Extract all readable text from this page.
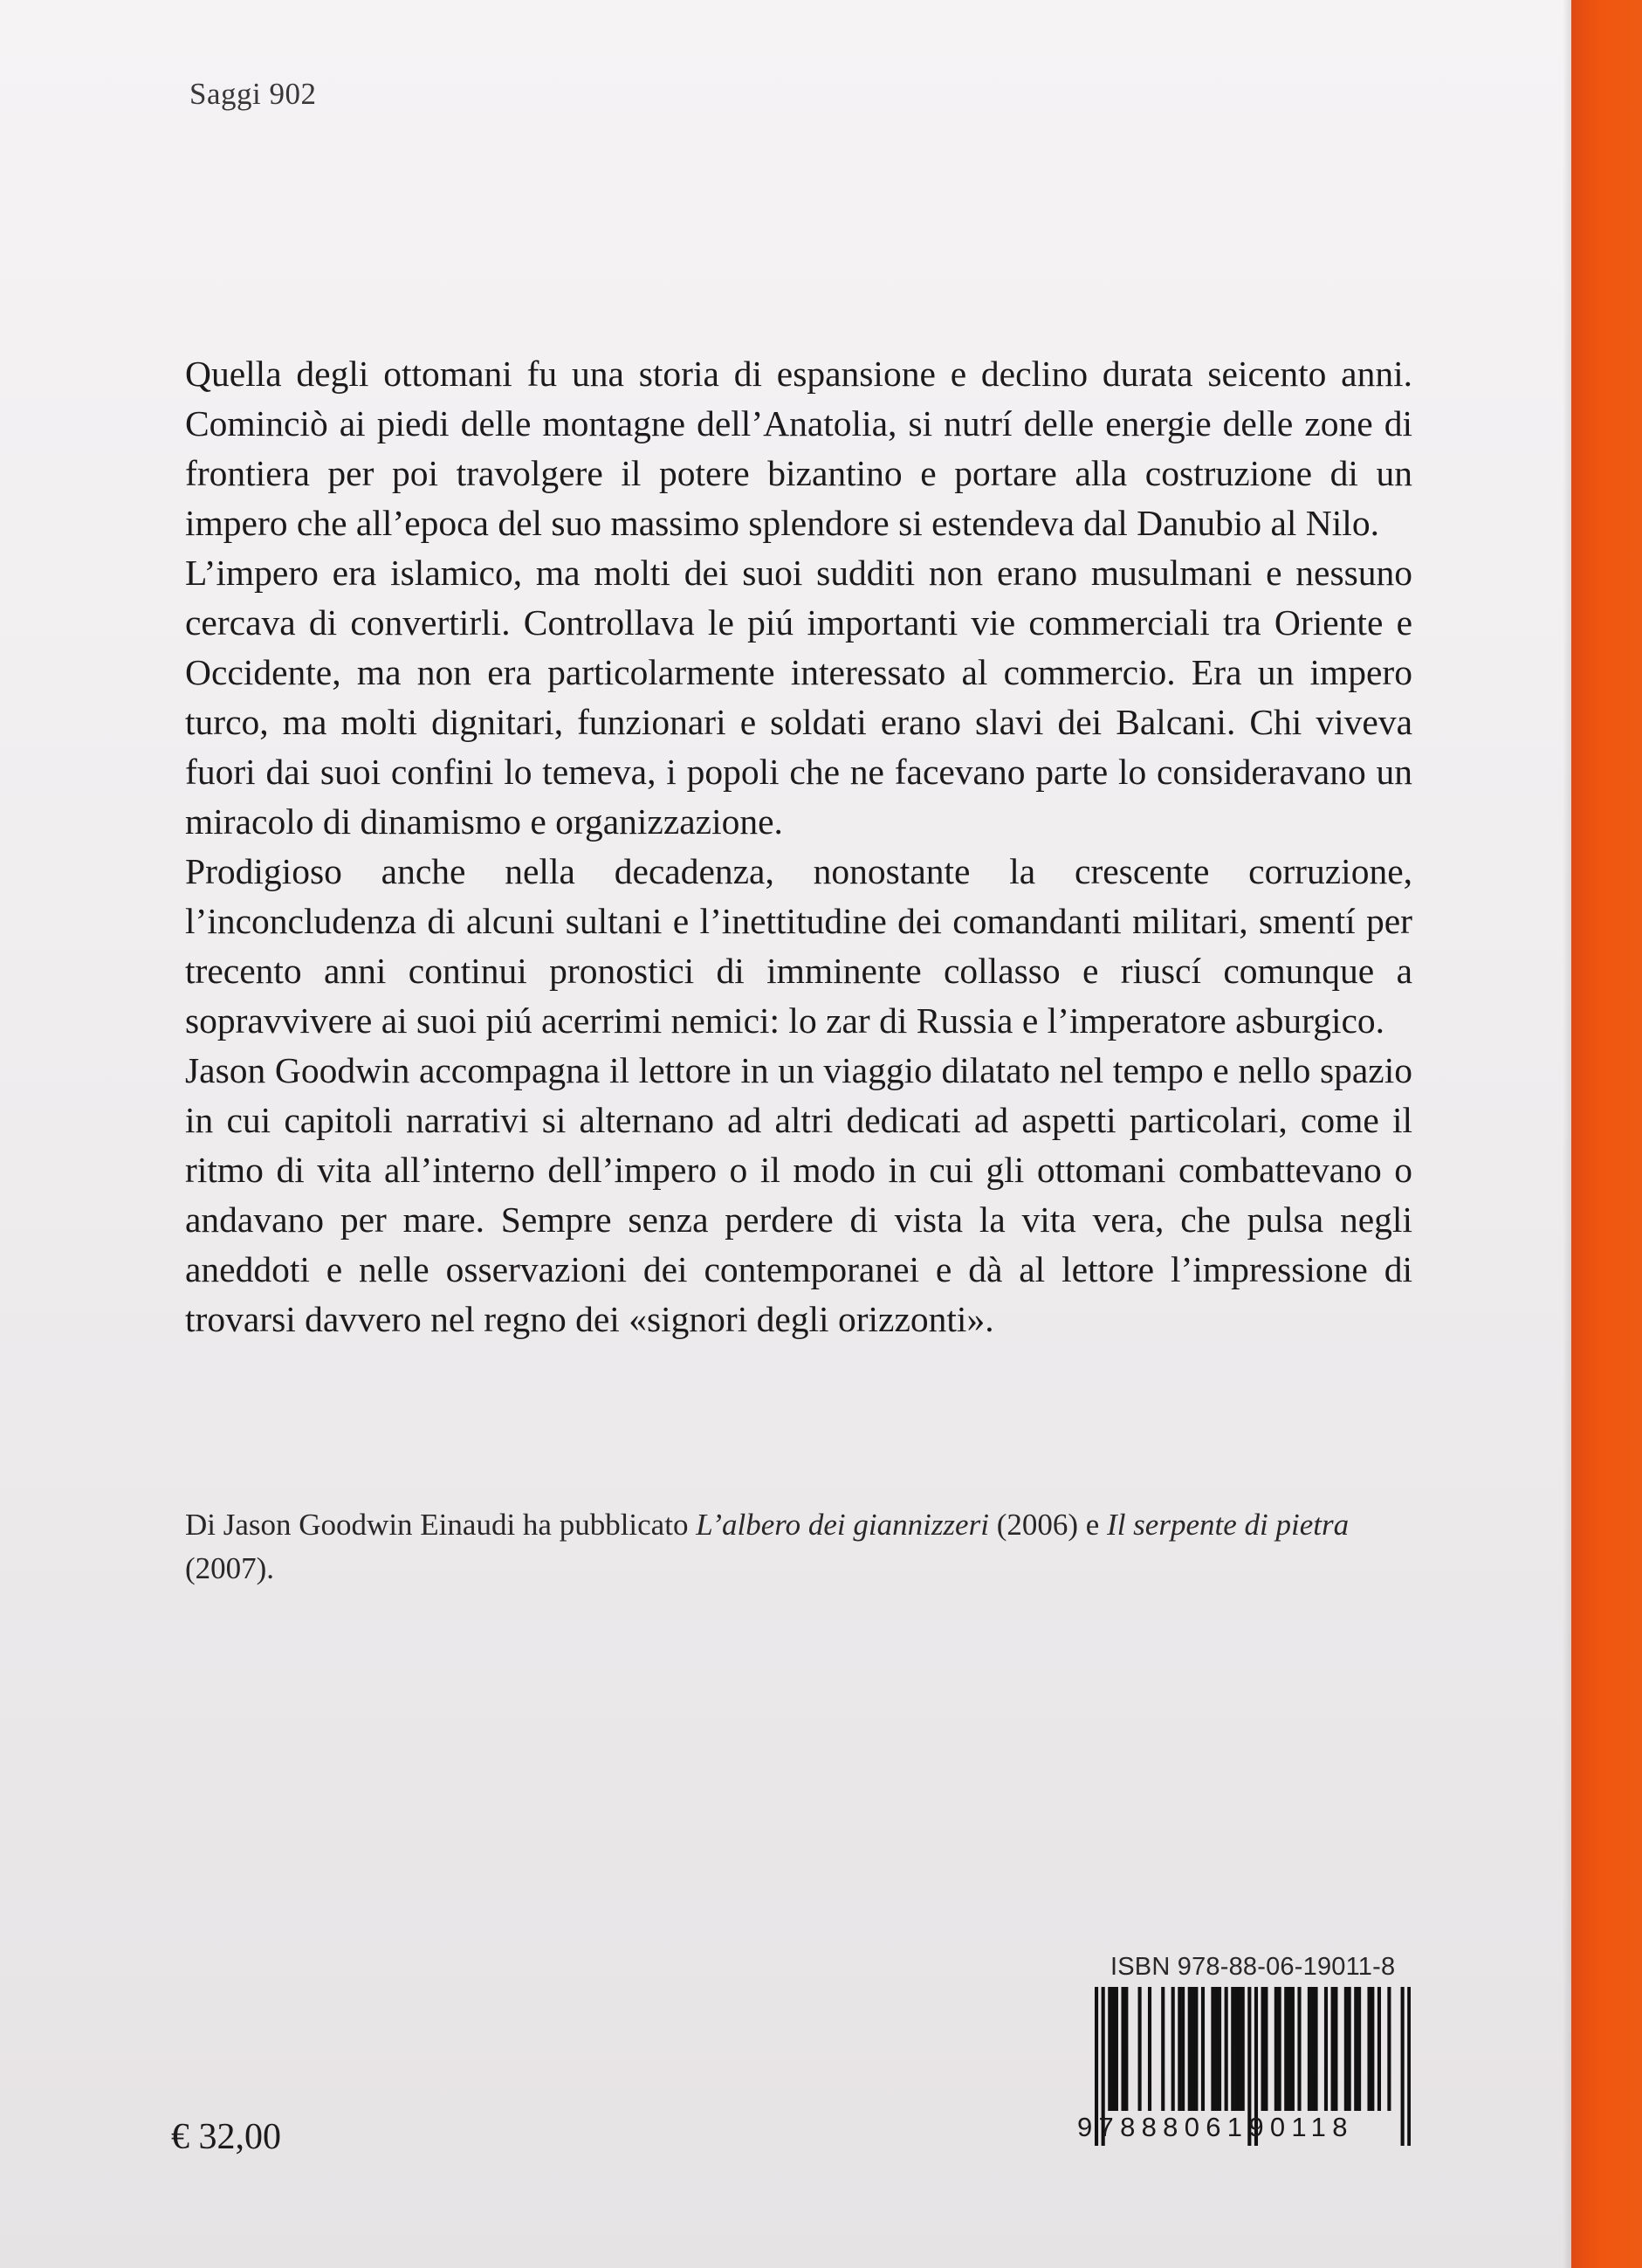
Saggi 902

Quella degli ottomani fu una storia di espansione e declino durata seicento anni. Cominciò ai piedi delle montagne dell’Anatolia, si nutrí delle energie delle zone di frontiera per poi travolgere il potere bizantino e portare alla costruzione di un impero che all’epoca del suo massimo splendore si estendeva dal Danubio al Nilo.

L’impero era islamico, ma molti dei suoi sudditi non erano musulmani e nessuno cercava di convertirli. Controllava le piú importanti vie commerciali tra Oriente e Occidente, ma non era particolarmente interessato al commercio. Era un impero turco, ma molti dignitari, funzionari e soldati erano slavi dei Balcani. Chi viveva fuori dai suoi confini lo temeva, i popoli che ne facevano parte lo consideravano un miracolo di dinamismo e organizzazione.

Prodigioso anche nella decadenza, nonostante la crescente corruzione, l’inconcludenza di alcuni sultani e l’inettitudine dei comandanti militari, smentí per trecento anni continui pronostici di imminente collasso e riuscí comunque a sopravvivere ai suoi piú acerrimi nemici: lo zar di Russia e l’imperatore asburgico.

Jason Goodwin accompagna il lettore in un viaggio dilatato nel tempo e nello spazio in cui capitoli narrativi si alternano ad altri dedicati ad aspetti particolari, come il ritmo di vita all’interno dell’impero o il modo in cui gli ottomani combattevano o andavano per mare. Sempre senza perdere di vista la vita vera, che pulsa negli aneddoti e nelle osservazioni dei contemporanei e dà al lettore l’impressione di trovarsi davvero nel regno dei «signori degli orizzonti».

Di Jason Goodwin Einaudi ha pubblicato L’albero dei giannizzeri (2006) e Il serpente di pietra (2007).

€ 32,00
ISBN 978-88-06-19011-8
9788806190118
